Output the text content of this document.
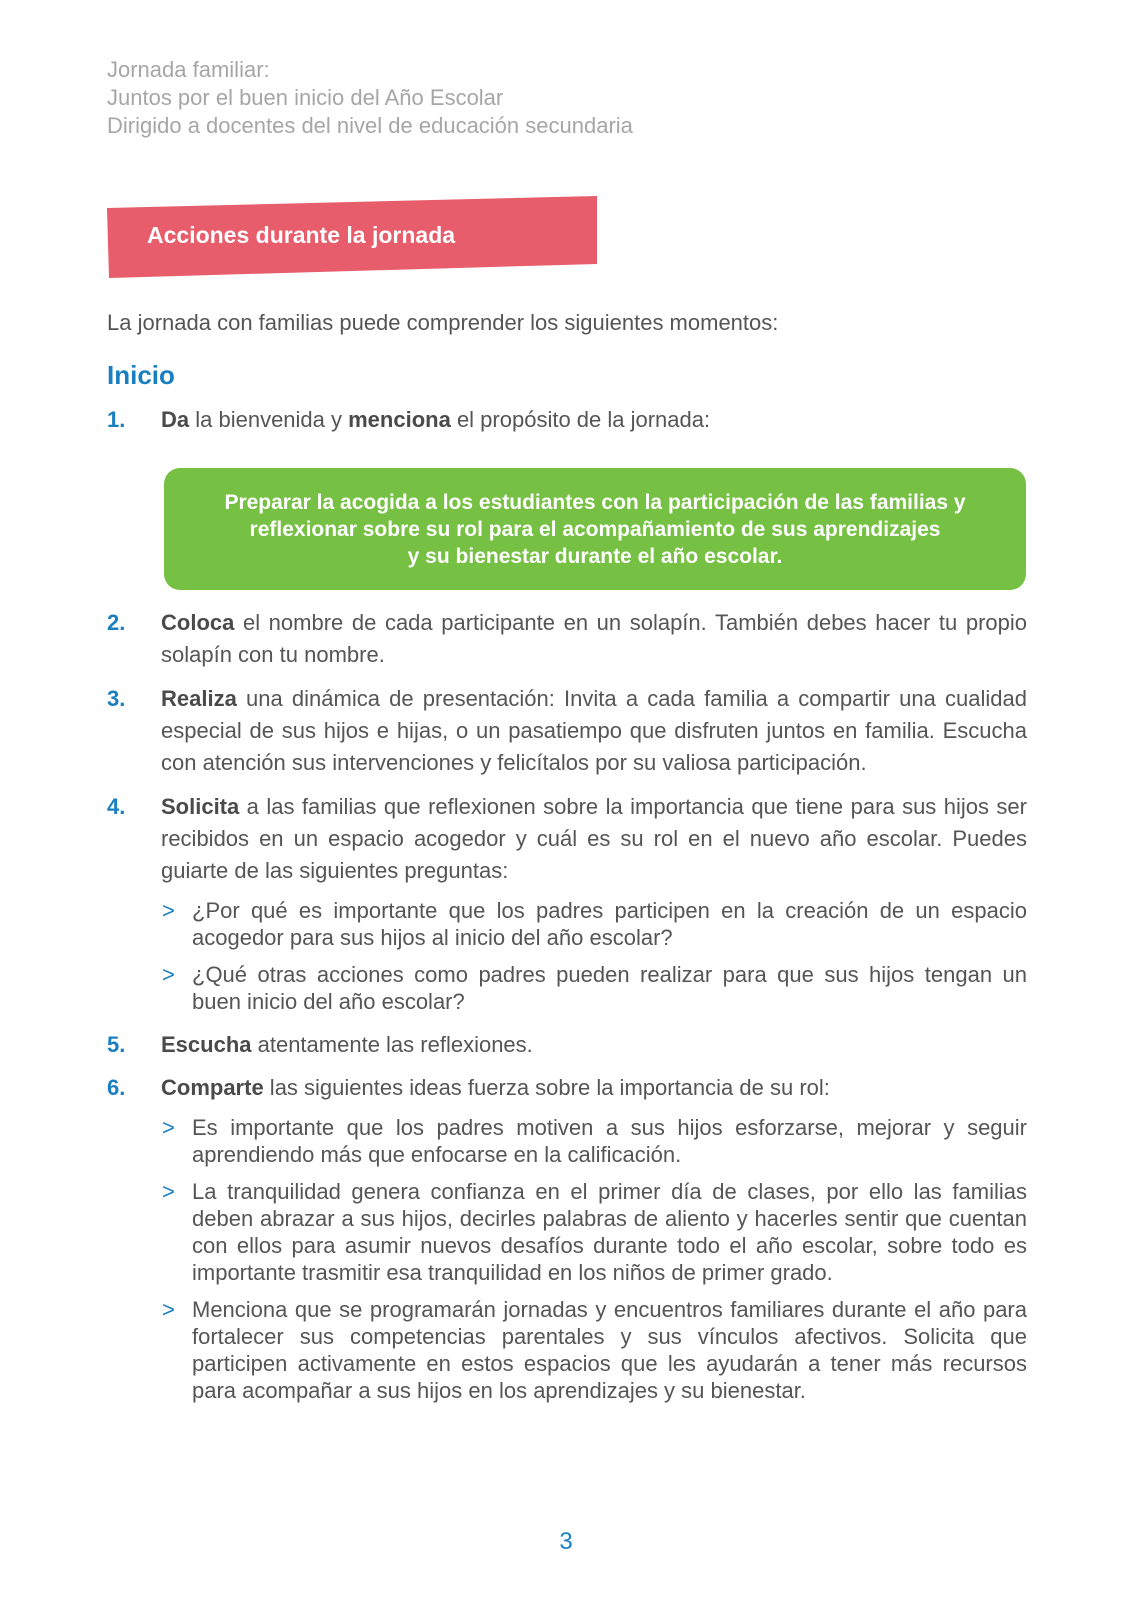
Jornada familiar:
Juntos por el buen inicio del Año Escolar
Dirigido a docentes del nivel de educación secundaria
Acciones durante la jornada
La jornada con familias puede comprender los siguientes momentos:
Inicio
1. Da la bienvenida y menciona el propósito de la jornada:
Preparar la acogida a los estudiantes con la participación de las familias y
reflexionar sobre su rol para el acompañamiento de sus aprendizajes
y su bienestar durante el año escolar.
2. Coloca el nombre de cada participante en un solapín. También debes hacer tu propio solapín con tu nombre.
3. Realiza una dinámica de presentación: Invita a cada familia a compartir una cualidad especial de sus hijos e hijas, o un pasatiempo que disfruten juntos en familia. Escucha con atención sus intervenciones y felicítalos por su valiosa participación.
4. Solicita a las familias que reflexionen sobre la importancia que tiene para sus hijos ser recibidos en un espacio acogedor y cuál es su rol en el nuevo año escolar. Puedes guiarte de las siguientes preguntas:
> ¿Por qué es importante que los padres participen en la creación de un espacio acogedor para sus hijos al inicio del año escolar?
> ¿Qué otras acciones como padres pueden realizar para que sus hijos tengan un buen inicio del año escolar?
5. Escucha atentamente las reflexiones.
6. Comparte las siguientes ideas fuerza sobre la importancia de su rol:
> Es importante que los padres motiven a sus hijos esforzarse, mejorar y seguir aprendiendo más que enfocarse en la calificación.
> La tranquilidad genera confianza en el primer día de clases, por ello las familias deben abrazar a sus hijos, decirles palabras de aliento y hacerles sentir que cuentan con ellos para asumir nuevos desafíos durante todo el año escolar, sobre todo es importante trasmitir esa tranquilidad en los niños de primer grado.
> Menciona que se programarán jornadas y encuentros familiares durante el año para fortalecer sus competencias parentales y sus vínculos afectivos. Solicita que participen activamente en estos espacios que les ayudarán a tener más recursos para acompañar a sus hijos en los aprendizajes y su bienestar.
3
